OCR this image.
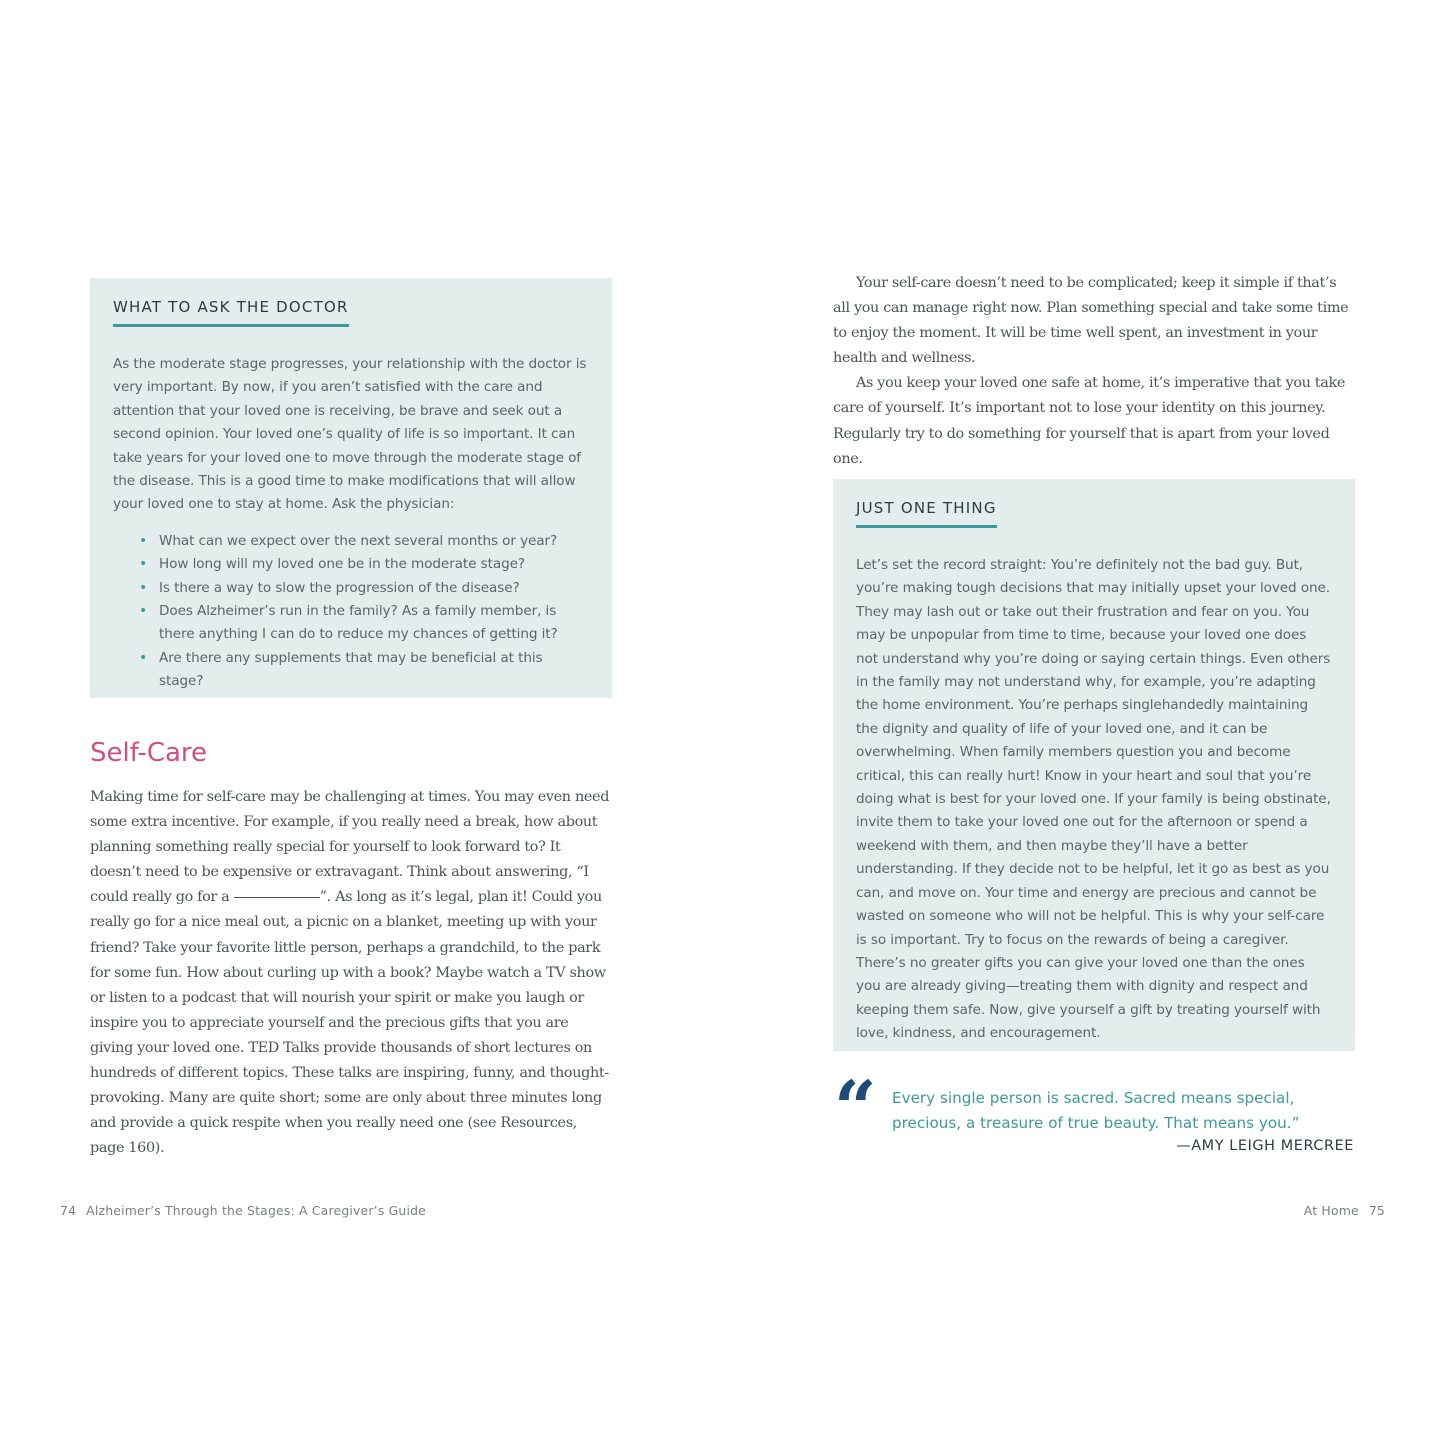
WHAT TO ASK THE DOCTOR

As the moderate stage progresses, your relationship with the doctor is very important. By now, if you aren’t satisfied with the care and attention that your loved one is receiving, be brave and seek out a second opinion. Your loved one’s quality of life is so important. It can take years for your loved one to move through the moderate stage of the disease. This is a good time to make modifications that will allow your loved one to stay at home. Ask the physician:

• What can we expect over the next several months or year?
• How long will my loved one be in the moderate stage?
• Is there a way to slow the progression of the disease?
• Does Alzheimer’s run in the family? As a family member, is there anything I can do to reduce my chances of getting it?
• Are there any supplements that may be beneficial at this stage?
Self-Care

Making time for self-care may be challenging at times. You may even need some extra incentive. For example, if you really need a break, how about planning something really special for yourself to look forward to? It doesn’t need to be expensive or extravagant. Think about answering, “I could really go for a	”. As long as it’s legal, plan it! Could you really go for a nice meal out, a picnic on a blanket, meeting up with your friend? Take your favorite little person, perhaps a grandchild, to the park for some fun. How about curling up with a book? Maybe watch a TV show or listen to a podcast that will nourish your spirit or make you laugh or inspire you to appreciate yourself and the precious gifts that you are giving your loved one. TED Talks provide thousands of short lectures on hundreds of different topics. These talks are inspiring, funny, and thought-provoking. Many are quite short; some are only about three minutes long and provide a quick respite when you really need one (see Resources, page 160).

Your self-care doesn’t need to be complicated; keep it simple if that’s all you can manage right now. Plan something special and take some time to enjoy the moment. It will be time well spent, an investment in your health and wellness.

As you keep your loved one safe at home, it’s imperative that you take care of yourself. It’s important not to lose your identity on this journey. Regularly try to do something for yourself that is apart from your loved one.

JUST ONE THING

Let’s set the record straight: You’re definitely not the bad guy. But, you’re making tough decisions that may initially upset your loved one. They may lash out or take out their frustration and fear on you. You may be unpopular from time to time, because your loved one does not understand why you’re doing or saying certain things. Even others in the family may not understand why, for example, you’re adapting the home environment. You’re perhaps singlehandedly maintaining the dignity and quality of life of your loved one, and it can be overwhelming. When family members question you and become critical, this can really hurt! Know in your heart and soul that you’re doing what is best for your loved one. If your family is being obstinate, invite them to take your loved one out for the afternoon or spend a weekend with them, and then maybe they’ll have a better understanding. If they decide not to be helpful, let it go as best as you can, and move on. Your time and energy are precious and cannot be wasted on someone who will not be helpful. This is why your self-care is so important. Try to focus on the rewards of being a caregiver. There’s no greater gifts you can give your loved one than the ones you are already giving—treating them with dignity and respect and keeping them safe. Now, give yourself a gift by treating yourself with love, kindness, and encouragement.

“ Every single person is sacred. Sacred means special, precious, a treasure of true beauty. That means you.”

—AMY LEIGH MERCREE
74 Alzheimer’s Through the Stages: A Caregiver’s Guide	At Home 75
